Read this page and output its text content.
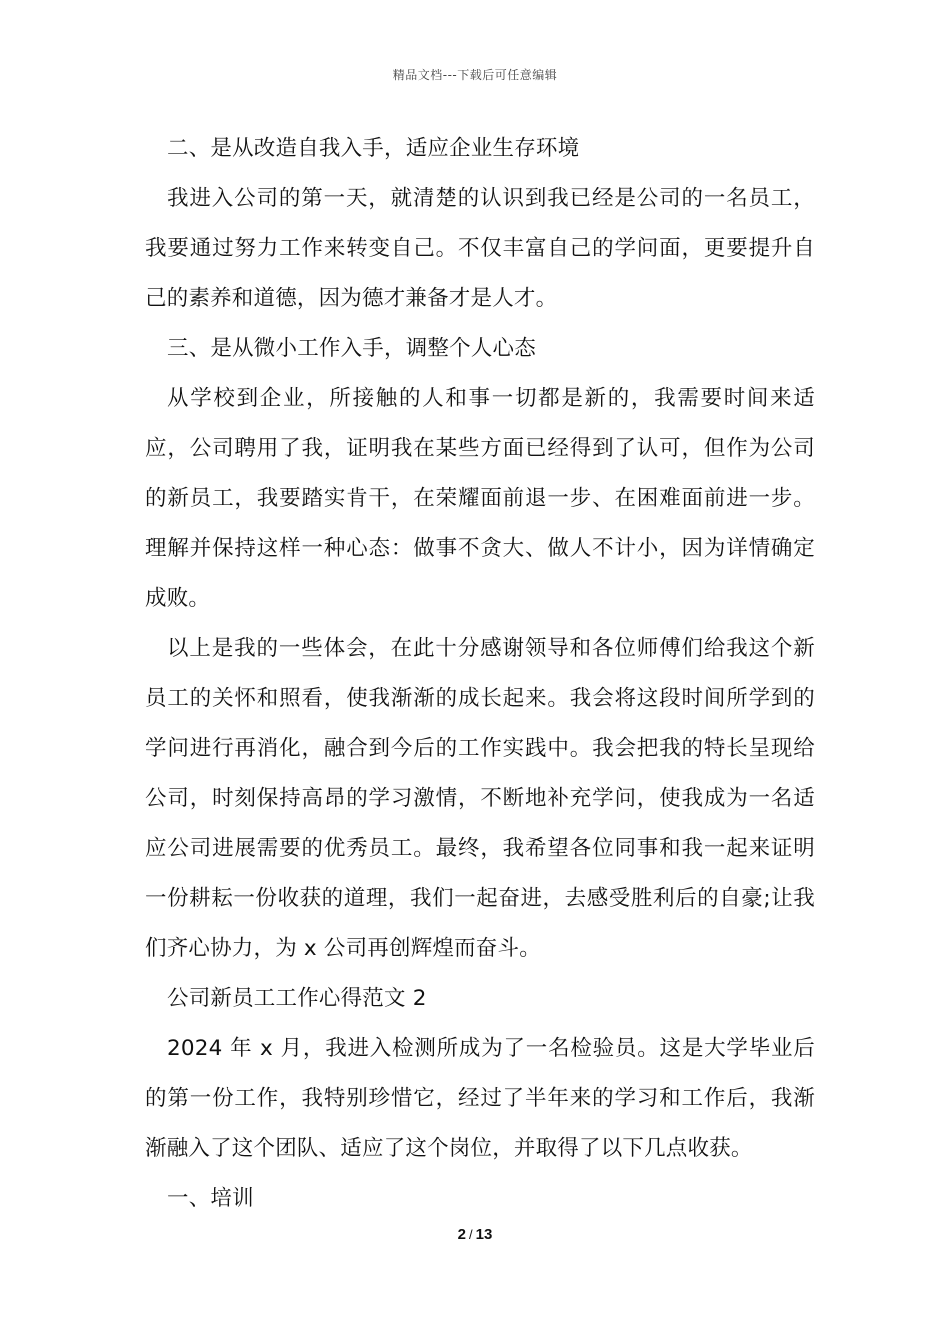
精品文档---下载后可任意编辑

二、是从改造自我入手，适应企业生存环境

我进入公司的第一天，就清楚的认识到我已经是公司的一名员工，我要通过努力工作来转变自己。不仅丰富自己的学问面，更要提升自己的素养和道德，因为德才兼备才是人才。

三、是从微小工作入手，调整个人心态

从学校到企业，所接触的人和事一切都是新的，我需要时间来适应，公司聘用了我，证明我在某些方面已经得到了认可，但作为公司的新员工，我要踏实肯干，在荣耀面前退一步、在困难面前进一步。理解并保持这样一种心态：做事不贪大、做人不计小，因为详情确定成败。

以上是我的一些体会，在此十分感谢领导和各位师傅们给我这个新员工的关怀和照看，使我渐渐的成长起来。我会将这段时间所学到的学问进行再消化，融合到今后的工作实践中。我会把我的特长呈现给公司，时刻保持高昂的学习激情，不断地补充学问，使我成为一名适应公司进展需要的优秀员工。最终，我希望各位同事和我一起来证明一份耕耘一份收获的道理，我们一起奋进，去感受胜利后的自豪;让我们齐心协力，为 x 公司再创辉煌而奋斗。

公司新员工工作心得范文 2

2024 年 x 月，我进入检测所成为了一名检验员。这是大学毕业后的第一份工作，我特别珍惜它，经过了半年来的学习和工作后，我渐渐融入了这个团队、适应了这个岗位，并取得了以下几点收获。

一、培训

2 / 13
